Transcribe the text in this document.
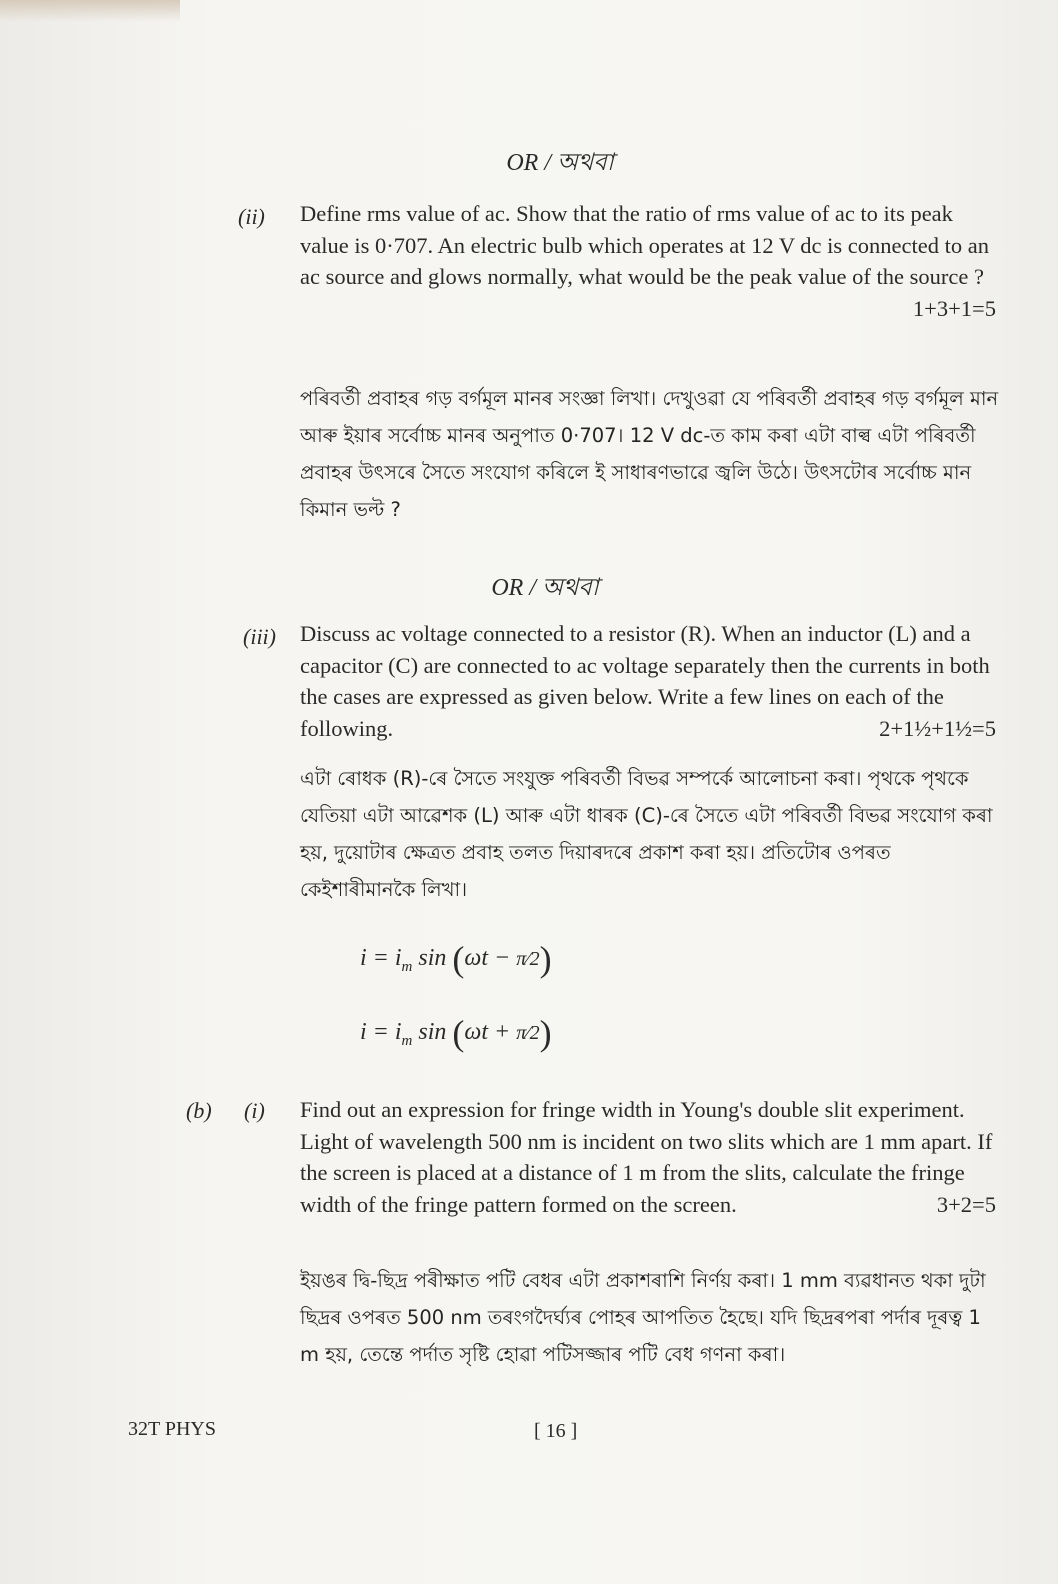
OR / অথবা
(ii) Define rms value of ac. Show that the ratio of rms value of ac to its peak value is 0·707. An electric bulb which operates at 12 V dc is connected to an ac source and glows normally, what would be the peak value of the source ?
1+3+1=5
পৰিবৰ্তী প্ৰবাহৰ গড় বৰ্গমূল মানৰ সংজ্ঞা লিখা। দেখুওৱা যে পৰিবৰ্তী প্ৰবাহৰ গড় বৰ্গমূল মান আৰু ইয়াৰ সৰ্বোচ্চ মানৰ অনুপাত 0·707। 12 V dc-ত কাম কৰা এটা বাল্ব এটা পৰিবৰ্তী প্ৰবাহৰ উৎসৰে সৈতে সংযোগ কৰিলে ই সাধাৰণভাৱে জ্বলি উঠে। উৎসটোৰ সৰ্বোচ্চ মান কিমান ভল্ট ?
OR / অথবা
(iii) Discuss ac voltage connected to a resistor (R). When an inductor (L) and a capacitor (C) are connected to ac voltage separately then the currents in both the cases are expressed as given below. Write a few lines on each of the following.	2+1½+1½=5
এটা ৰোধক (R)-ৰে সৈতে সংযুক্ত পৰিবৰ্তী বিভৱ সম্পৰ্কে আলোচনা কৰা। পৃথকে পৃথকে যেতিয়া এটা আৱেশক (L) আৰু এটা ধাৰক (C)-ৰে সৈতে এটা পৰিবৰ্তী বিভৱ সংযোগ কৰা হয়, দুয়োটাৰ ক্ষেত্ৰত প্ৰবাহ তলত দিয়াৰদৰে প্ৰকাশ কৰা হয়। প্ৰতিটোৰ ওপৰত কেইশাৰীমানকৈ লিখা।
$i = i_m$ sin (ωt − π⁄2)
$i = i_m$ sin (ωt + π⁄2)
(b) (i) Find out an expression for fringe width in Young's double slit experiment. Light of wavelength 500 nm is incident on two slits which are 1 mm apart. If the screen is placed at a distance of 1 m from the slits, calculate the fringe width of the fringe pattern formed on the screen.	3+2=5
ইয়ঙৰ দ্বি-ছিদ্ৰ পৰীক্ষাত পটি বেধৰ এটা প্ৰকাশৰাশি নিৰ্ণয় কৰা। 1 mm ব্যৱধানত থকা দুটা ছিদ্ৰৰ ওপৰত 500 nm তৰংগদৈৰ্ঘ্যৰ পোহৰ আপতিত হৈছে। যদি ছিদ্ৰৰপৰা পৰ্দাৰ দূৰত্ব 1 m হয়, তেন্তে পৰ্দাত সৃষ্টি হোৱা পটিসজ্জাৰ পটি বেধ গণনা কৰা।
32T PHYS	[ 16 ]
